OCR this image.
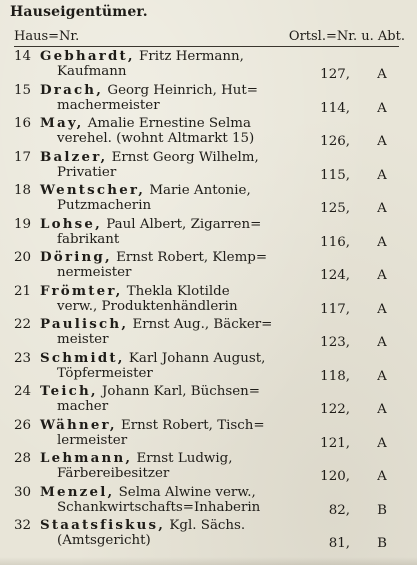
Hauseigentümer.
Haus=Nr.	Ortsl.=Nr. u. Abt.
14 Gebhardt, Fritz Hermann,
Kaufmann	127,	A
15 Drach, Georg Heinrich, Hut=
machermeister	114,	A
16 May, Amalie Ernestine Selma
verehel. (wohnt Altmarkt 15)	126,	A
17 Balzer, Ernst Georg Wilhelm,
Privatier	115,	A
18 Wentscher, Marie Antonie,
Putzmacherin	125,	A
19 Lohse, Paul Albert, Zigarren=
fabrikant	116,	A
20 Döring, Ernst Robert, Klemp=
nermeister	124,	A
21 Frömter, Thekla Klotilde
verw., Produktenhändlerin	117,	A
22 Paulisch, Ernst Aug., Bäcker=
meister	123,	A
23 Schmidt, Karl Johann August,
Töpfermeister	118,	A
24 Teich, Johann Karl, Büchsen=
macher	122,	A
26 Wähner, Ernst Robert, Tisch=
lermeister	121,	A
28 Lehmann, Ernst Ludwig,
Färbereibesitzer	120,	A
30 Menzel, Selma Alwine verw.,
Schankwirtschafts=Inhaberin	82,	B
32 Staatsfiskus, Kgl. Sächs.
(Amtsgericht)	81,	B
